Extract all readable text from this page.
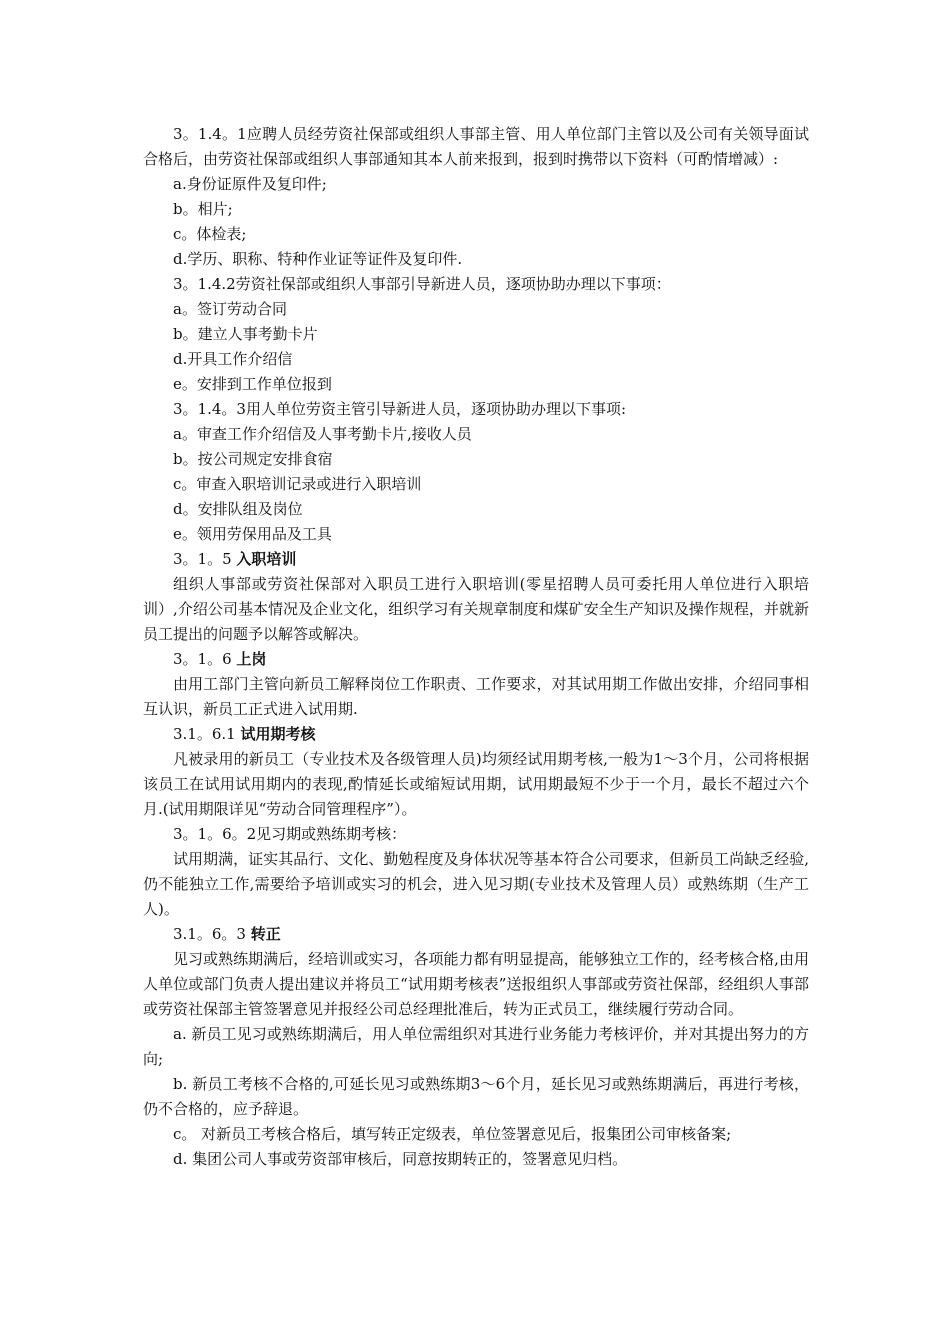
3。1.4。1应聘人员经劳资社保部或组织人事部主管、用人单位部门主管以及公司有关领导面试合格后，由劳资社保部或组织人事部通知其本人前来报到，报到时携带以下资料（可酌情增减）:

a.身份证原件及复印件;

b。相片;

c。体检表;

d.学历、职称、特种作业证等证件及复印件.

3。1.4.2劳资社保部或组织人事部引导新进人员，逐项协助办理以下事项：

a。签订劳动合同

b。建立人事考勤卡片

d.开具工作介绍信

e。安排到工作单位报到

3。1.4。3用人单位劳资主管引导新进人员，逐项协助办理以下事项:

a。审查工作介绍信及人事考勤卡片,接收人员

b。按公司规定安排食宿

c。审查入职培训记录或进行入职培训

d。安排队组及岗位

e。领用劳保用品及工具

3。1。5 入职培训

组织人事部或劳资社保部对入职员工进行入职培训(零星招聘人员可委托用人单位进行入职培训）,介绍公司基本情况及企业文化，组织学习有关规章制度和煤矿安全生产知识及操作规程，并就新员工提出的问题予以解答或解决。

3。1。6 上岗

由用工部门主管向新员工解释岗位工作职责、工作要求，对其试用期工作做出安排，介绍同事相互认识，新员工正式进入试用期.

3.1。6.1 试用期考核

凡被录用的新员工（专业技术及各级管理人员)均须经试用期考核,一般为1～3个月，公司将根据该员工在试用试用期内的表现,酌情延长或缩短试用期，试用期最短不少于一个月，最长不超过六个月.(试用期限详见“劳动合同管理程序”）。

3。1。6。2见习期或熟练期考核：

试用期满，证实其品行、文化、勤勉程度及身体状况等基本符合公司要求，但新员工尚缺乏经验,仍不能独立工作,需要给予培训或实习的机会，进入见习期(专业技术及管理人员）或熟练期（生产工人)。

3.1。6。3 转正

见习或熟练期满后，经培训或实习，各项能力都有明显提高，能够独立工作的，经考核合格,由用人单位或部门负责人提出建议并将员工“试用期考核表”送报组织人事部或劳资社保部，经组织人事部或劳资社保部主管签署意见并报经公司总经理批准后，转为正式员工，继续履行劳动合同。

a. 新员工见习或熟练期满后，用人单位需组织对其进行业务能力考核评价，并对其提出努力的方向;

b. 新员工考核不合格的,可延长见习或熟练期3～6个月，延长见习或熟练期满后，再进行考核，仍不合格的，应予辞退。

c。 对新员工考核合格后，填写转正定级表，单位签署意见后，报集团公司审核备案;

d. 集团公司人事或劳资部审核后，同意按期转正的，签署意见归档。
